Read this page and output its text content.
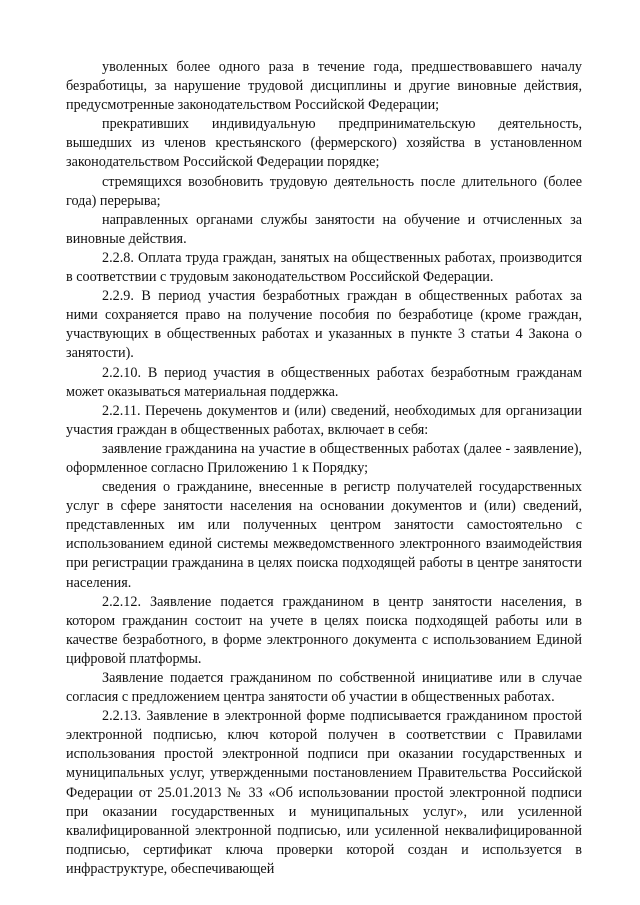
уволенных более одного раза в течение года, предшествовавшего началу безработицы, за нарушение трудовой дисциплины и другие виновные действия, предусмотренные законодательством Российской Федерации;

прекративших индивидуальную предпринимательскую деятельность, вышедших из членов крестьянского (фермерского) хозяйства в установленном законодательством Российской Федерации порядке;

стремящихся возобновить трудовую деятельность после длительного (более года) перерыва;

направленных органами службы занятости на обучение и отчисленных за виновные действия.

2.2.8. Оплата труда граждан, занятых на общественных работах, производится в соответствии с трудовым законодательством Российской Федерации.

2.2.9. В период участия безработных граждан в общественных работах за ними сохраняется право на получение пособия по безработице (кроме граждан, участвующих в общественных работах и указанных в пункте 3 статьи 4 Закона о занятости).

2.2.10. В период участия в общественных работах безработным гражданам может оказываться материальная поддержка.

2.2.11. Перечень документов и (или) сведений, необходимых для организации участия граждан в общественных работах, включает в себя:

заявление гражданина на участие в общественных работах (далее - заявление), оформленное согласно Приложению 1 к Порядку;

сведения о гражданине, внесенные в регистр получателей государственных услуг в сфере занятости населения на основании документов и (или) сведений, представленных им или полученных центром занятости самостоятельно с использованием единой системы межведомственного электронного взаимодействия при регистрации гражданина в целях поиска подходящей работы в центре занятости населения.

2.2.12. Заявление подается гражданином в центр занятости населения, в котором гражданин состоит на учете в целях поиска подходящей работы или в качестве безработного, в форме электронного документа с использованием Единой цифровой платформы.

Заявление подается гражданином по собственной инициативе или в случае согласия с предложением центра занятости об участии в общественных работах.

2.2.13. Заявление в электронной форме подписывается гражданином простой электронной подписью, ключ которой получен в соответствии с Правилами использования простой электронной подписи при оказании государственных и муниципальных услуг, утвержденными постановлением Правительства Российской Федерации от 25.01.2013 № 33 «Об использовании простой электронной подписи при оказании государственных и муниципальных услуг», или усиленной квалифицированной электронной подписью, или усиленной неквалифицированной подписью, сертификат ключа проверки которой создан и используется в инфраструктуре, обеспечивающей
